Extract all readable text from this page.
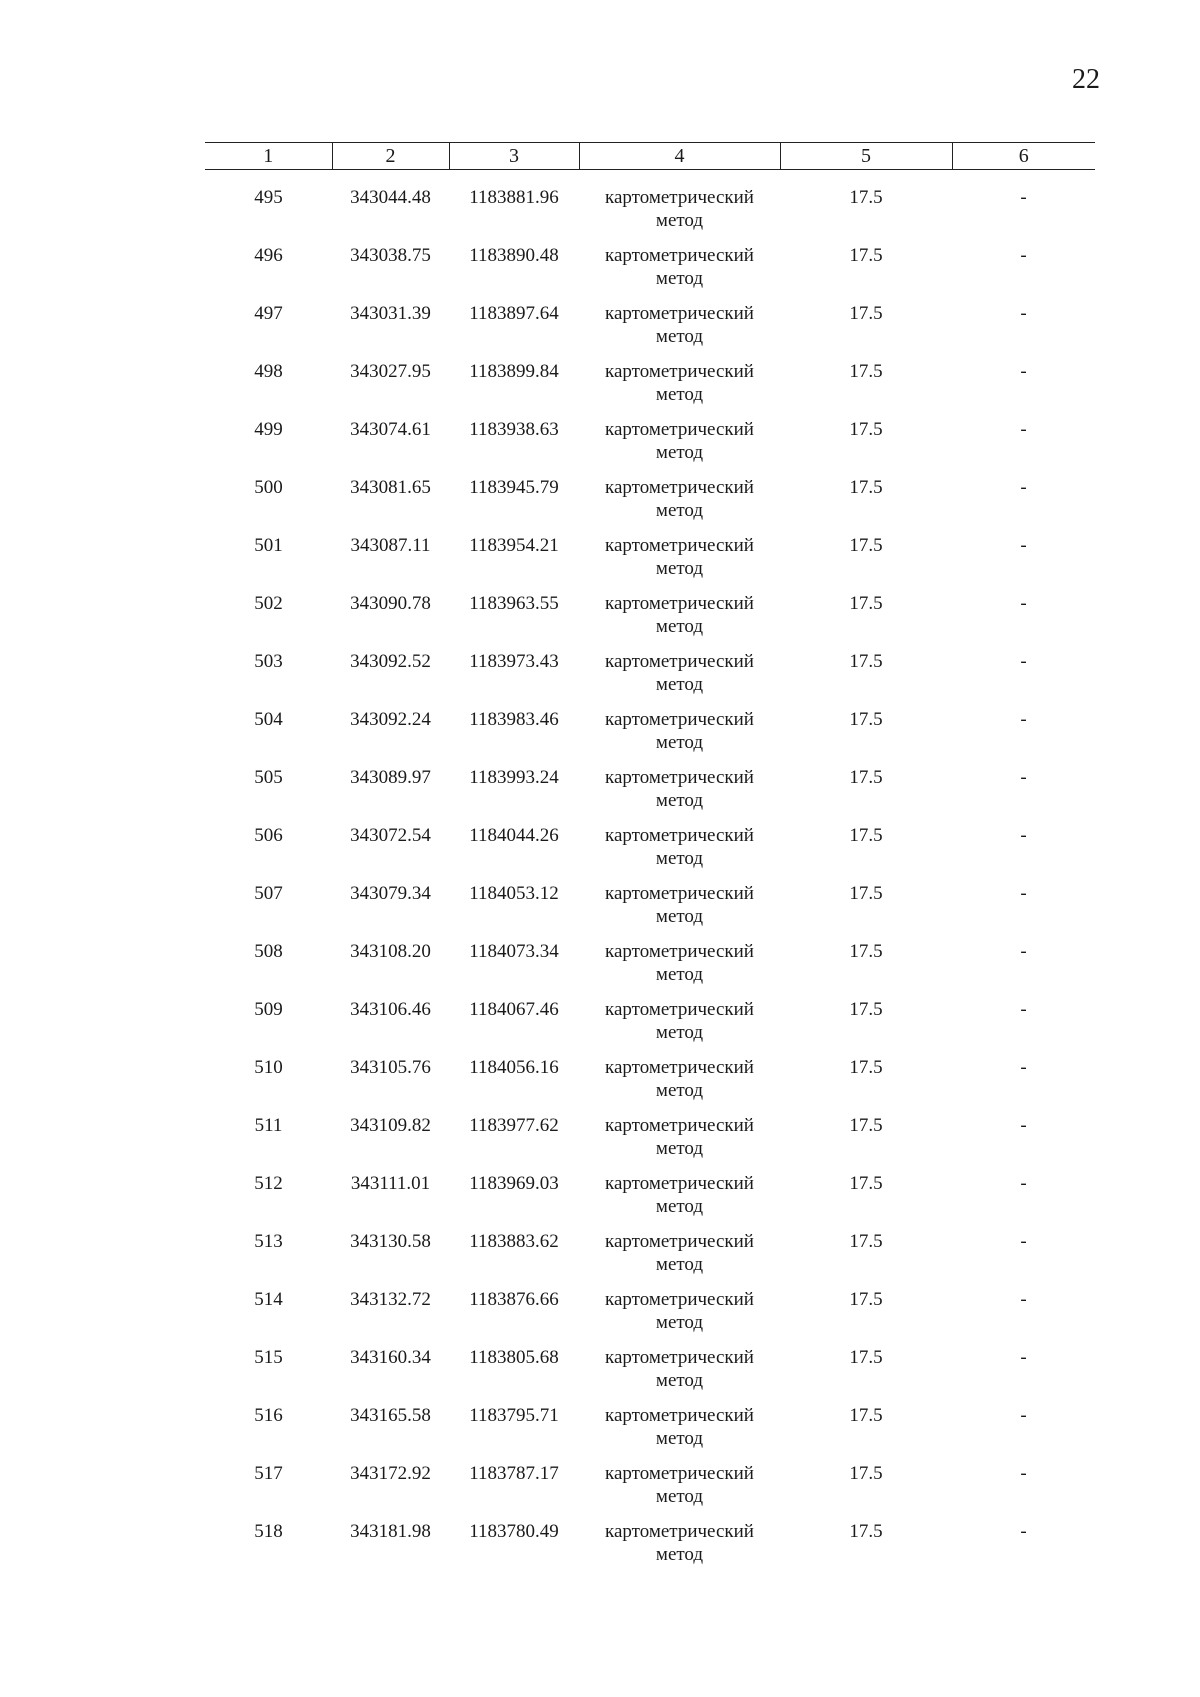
22
1	2	3	4	5	6
495	343044.48	1183881.96	картометрический метод	17.5	-
496	343038.75	1183890.48	картометрический метод	17.5	-
497	343031.39	1183897.64	картометрический метод	17.5	-
498	343027.95	1183899.84	картометрический метод	17.5	-
499	343074.61	1183938.63	картометрический метод	17.5	-
500	343081.65	1183945.79	картометрический метод	17.5	-
501	343087.11	1183954.21	картометрический метод	17.5	-
502	343090.78	1183963.55	картометрический метод	17.5	-
503	343092.52	1183973.43	картометрический метод	17.5	-
504	343092.24	1183983.46	картометрический метод	17.5	-
505	343089.97	1183993.24	картометрический метод	17.5	-
506	343072.54	1184044.26	картометрический метод	17.5	-
507	343079.34	1184053.12	картометрический метод	17.5	-
508	343108.20	1184073.34	картометрический метод	17.5	-
509	343106.46	1184067.46	картометрический метод	17.5	-
510	343105.76	1184056.16	картометрический метод	17.5	-
511	343109.82	1183977.62	картометрический метод	17.5	-
512	343111.01	1183969.03	картометрический метод	17.5	-
513	343130.58	1183883.62	картометрический метод	17.5	-
514	343132.72	1183876.66	картометрический метод	17.5	-
515	343160.34	1183805.68	картометрический метод	17.5	-
516	343165.58	1183795.71	картометрический метод	17.5	-
517	343172.92	1183787.17	картометрический метод	17.5	-
518	343181.98	1183780.49	картометрический метод	17.5	-
